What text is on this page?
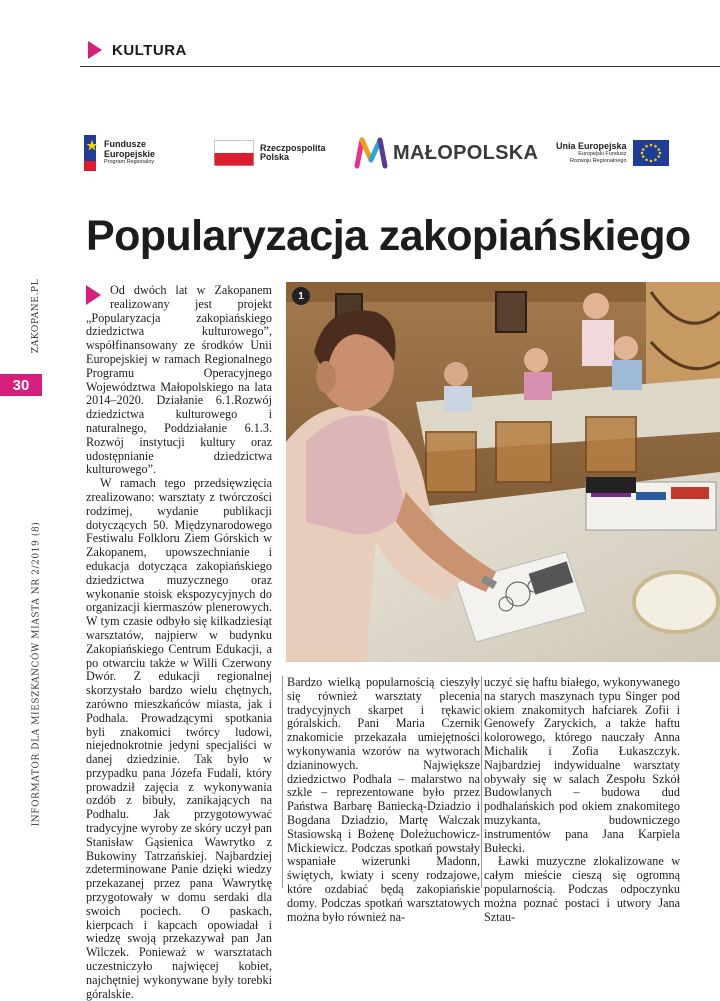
KULTURA
Fundusze
Europejskie
Program Regionalny
Rzeczpospolita
Polska	MAŁOPOLSKA Unia Europejska
Europejski Fundusz
Rozwoju Regionalnego
Popularyzacja zakopiańskiego
ZAKOPANE.PL
30
INFORMATOR DLA MIESZKAŃCÓW MIASTA NR 2/2019 (8)

Od dwóch lat w Zakopanem realizowany jest projekt „Popularyzacja zakopiańskiego dziedzictwa kulturowego”, współfinansowany ze środków Unii Europejskiej w ramach Regionalnego Programu Operacyjnego Województwa Małopolskiego na lata 2014–2020. Działanie 6.1.Rozwój dziedzictwa kulturowego i naturalnego, Poddziałanie 6.1.3. Rozwój instytucji kultury oraz udostępnianie dziedzictwa kulturowego”.

W ramach tego przedsięwzięcia zrealizowano: warsztaty z twórczości rodzimej, wydanie publikacji dotyczących 50. Międzynarodowego Festiwalu Folkloru Ziem Górskich w Zakopanem, upowszechnianie i edukacja dotycząca zakopiańskiego dziedzictwa muzycznego oraz wykonanie stoisk ekspozycyjnych do organizacji kiermaszów plenerowych. W tym czasie odbyło się kilkadziesiąt warsztatów, najpierw w budynku Zakopiańskiego Centrum Edukacji, a po otwarciu także w Willi Czerwony Dwór. Z edukacji regionalnej skorzystało bardzo wielu chętnych, zarówno mieszkańców miasta, jak i Podhala. Prowadzącymi spotkania byli znakomici twórcy ludowi, niejednokrotnie jedyni specjaliści w danej dziedzinie. Tak było w przypadku pana Józefa Fudali, który prowadził zajęcia z wykonywania ozdób z bibuły, zanikających na Podhalu. Jak przygotowywać tradycyjne wyroby ze skóry uczył pan Stanisław Gąsienica Wawrytko z Bukowiny Tatrzańskiej. Najbardziej zdeterminowane Panie dzięki wiedzy przekazanej przez pana Wawrytkę przygotowały w domu serdaki dla swoich pociech. O paskach, kierpcach i kapcach opowiadał i wiedzę swoją przekazywał pan Jan Wilczek. Ponieważ w warsztatach uczestniczyło najwięcej kobiet, najchętniej wykonywane były torebki góralskie.

1

Bardzo wielką popularnością cieszyły się również warsztaty plecenia tradycyjnych skarpet i rękawic góralskich. Pani Maria Czernik znakomicie przekazała umiejętności wykonywania wzorów na wytworach dzianinowych. Największe dziedzictwo Podhala – malarstwo na szkle – reprezentowane było przez Państwa Barbarę Baniecką-Dziadzio i Bogdana Dziadzio, Martę Walczak Stasiowską i Bożenę Doleżuchowicz-Mickiewicz. Podczas spotkań powstały wspaniałe wizerunki Madonn, świętych, kwiaty i sceny rodzajowe, które ozdabiać będą zakopiańskie domy. Podczas spotkań warsztatowych można było również na-

uczyć się haftu białego, wykonywanego na starych maszynach typu Singer pod okiem znakomitych hafciarek Zofii i Genowefy Zaryckich, a także haftu kolorowego, którego nauczały Anna Michalik i Zofia Łukaszczyk. Najbardziej indywidualne warsztaty obywały się w salach Zespołu Szkół Budowlanych – budowa dud podhalańskich pod okiem znakomitego muzykanta, budowniczego instrumentów pana Jana Karpiela Bułecki.

Ławki muzyczne zlokalizowane w całym mieście cieszą się ogromną popularnością. Podczas odpoczynku można poznać postaci i utwory Jana Sztau-
